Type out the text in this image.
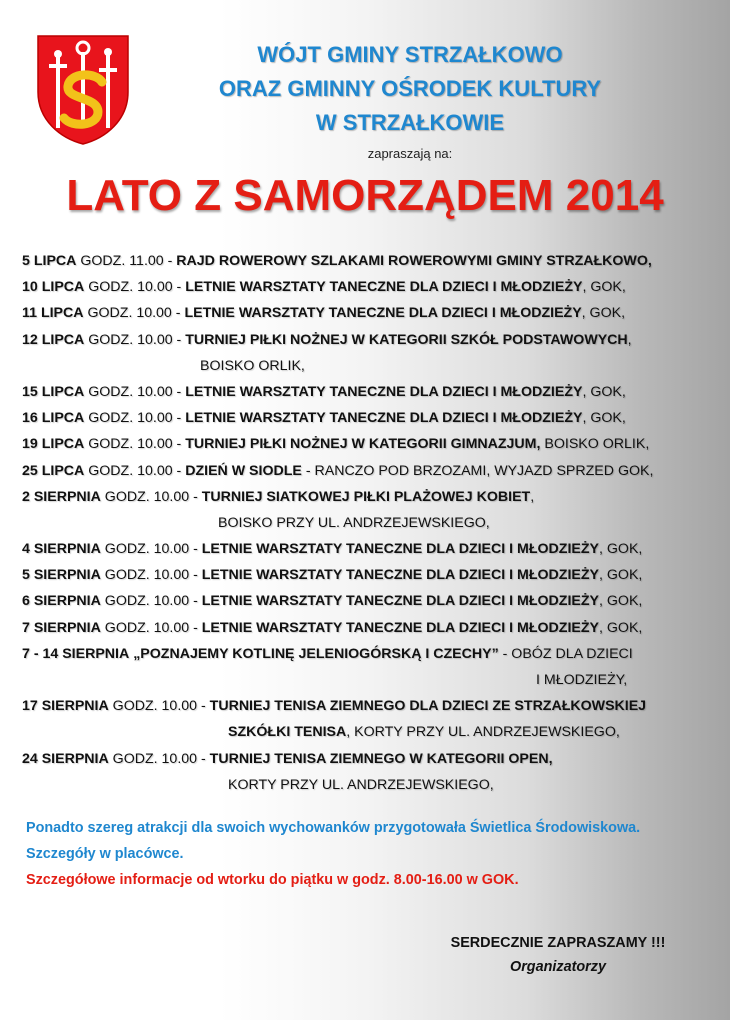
WÓJT GMINY STRZAŁKOWO
ORAZ GMINNY OŚRODEK KULTURY
W STRZAŁKOWIE
zapraszają na:
LATO Z SAMORZĄDEM 2014
5 LIPCA GODZ. 11.00 - RAJD ROWEROWY SZLAKAMI ROWEROWYMI GMINY STRZAŁKOWO,
10 LIPCA GODZ. 10.00 - LETNIE WARSZTATY TANECZNE DLA DZIECI I MŁODZIEŻY, GOK,
11 LIPCA GODZ. 10.00 - LETNIE WARSZTATY TANECZNE DLA DZIECI I MŁODZIEŻY, GOK,
12 LIPCA GODZ. 10.00 - TURNIEJ PIŁKI NOŻNEJ W KATEGORII SZKÓŁ PODSTAWOWYCH,
BOISKO ORLIK,
15 LIPCA GODZ. 10.00 - LETNIE WARSZTATY TANECZNE DLA DZIECI I MŁODZIEŻY, GOK,
16 LIPCA GODZ. 10.00 - LETNIE WARSZTATY TANECZNE DLA DZIECI I MŁODZIEŻY, GOK,
19 LIPCA GODZ. 10.00 - TURNIEJ PIŁKI NOŻNEJ W KATEGORII GIMNAZJUM, BOISKO ORLIK,
25 LIPCA GODZ. 10.00 - DZIEŃ W SIODLE - RANCZO POD BRZOZAMI, WYJAZD SPRZED GOK,
2 SIERPNIA GODZ. 10.00 - TURNIEJ SIATKOWEJ PIŁKI PLAŻOWEJ KOBIET,
BOISKO PRZY UL. ANDRZEJEWSKIEGO,
4 SIERPNIA GODZ. 10.00 - LETNIE WARSZTATY TANECZNE DLA DZIECI I MŁODZIEŻY, GOK,
5 SIERPNIA GODZ. 10.00 - LETNIE WARSZTATY TANECZNE DLA DZIECI I MŁODZIEŻY, GOK,
6 SIERPNIA GODZ. 10.00 - LETNIE WARSZTATY TANECZNE DLA DZIECI I MŁODZIEŻY, GOK,
7 SIERPNIA GODZ. 10.00 - LETNIE WARSZTATY TANECZNE DLA DZIECI I MŁODZIEŻY, GOK,
7 - 14 SIERPNIA „POZNAJEMY KOTLINĘ JELENIOGÓRSKĄ I CZECHY” - OBÓZ DLA DZIECI
I MŁODZIEŻY,
17 SIERPNIA GODZ. 10.00 - TURNIEJ TENISA ZIEMNEGO DLA DZIECI ZE STRZAŁKOWSKIEJ
SZKÓŁKI TENISA, KORTY PRZY UL. ANDRZEJEWSKIEGO,
24 SIERPNIA GODZ. 10.00 - TURNIEJ TENISA ZIEMNEGO W KATEGORII OPEN,
KORTY PRZY UL. ANDRZEJEWSKIEGO,
Ponadto szereg atrakcji dla swoich wychowanków przygotowała Świetlica Środowiskowa.
Szczegóły w placówce.
Szczegółowe informacje od wtorku do piątku w godz. 8.00-16.00 w GOK.
SERDECZNIE ZAPRASZAMY !!!
Organizatorzy
